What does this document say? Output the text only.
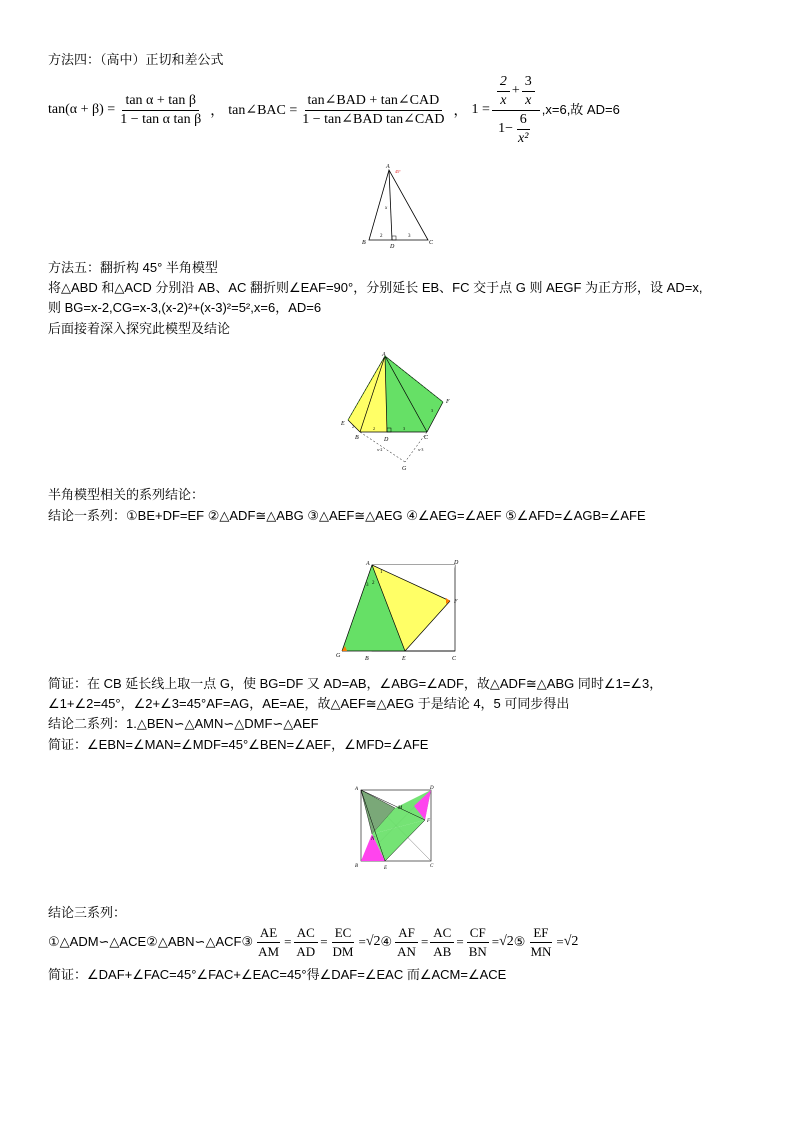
方法四：（高中）正切和差公式
$\tan(\alpha + \beta) = \frac{\text{tan α + tan β}}{\text{1 − tan α tan β}}$ ， tan∠BAC = $\frac{\text{tan∠BAD + tan∠CAD}}{\text{1 − tan∠BAD tan∠CAD}}$ ， $1 = \frac{\frac{2}{x} + \frac{3}{x}}{1- \frac{6}{\text{x²}}} ,x=6$,故 AD=6
A
45°
B	C
D
x
2	3
方法五：翻折构 45° 半角模型
将△ABD 和△ACD 分别沿 AB、AC 翻折则∠EAF=90°，分别延长 EB、FC 交于点 G 则 AEGF 为正方形，设 AD=x,
则 BG=x-2,CG=x-3,(x-2)²+(x-3)²=5²,x=6，AD=6
后面接着深入探究此模型及结论
A
E
F
B	C
D
G
2	2	3
3
x-2	x-3
半角模型相关的系列结论：
结论一系列：①BE+DF=EF ②△ADF≅△ABG ③△AEF≅△AEG ④∠AEG=∠AEF ⑤∠AFD=∠AGB=∠AFE
A	D
F
G	B	E	C
3 2
1
简证：在 CB 延长线上取一点 G，使 BG=DF 又 AD=AB，∠ABG=∠ADF，故△ADF≅△ABG 同时∠1=∠3，
∠1+∠2=45°，∠2+∠3=45°AF=AG，AE=AE，故△AEF≅△AEG 于是结论 4，5 可同步得出
结论二系列：1.△BEN∽△AMN∽△DMF∽△AEF
简证：∠EBN=∠MAN=∠MDF=45°∠BEN=∠AEF，∠MFD=∠AFE
A	D
F
M
N
B	E	C
结论三系列：
①△ADM∽△ACE ②△ABN∽△ACF ③ $\frac{AE}{AM} = \frac{AC}{AD} = \frac{EC}{DM} = √2$ ④ $\frac{AF}{AN} = \frac{AC}{AB} = \frac{CF}{BN} = √2$ ⑤ $\frac{EF}{MN} = √2$
简证：∠DAF+∠FAC=45°∠FAC+∠EAC=45°得∠DAF=∠EAC 而∠ACM=∠ACE
